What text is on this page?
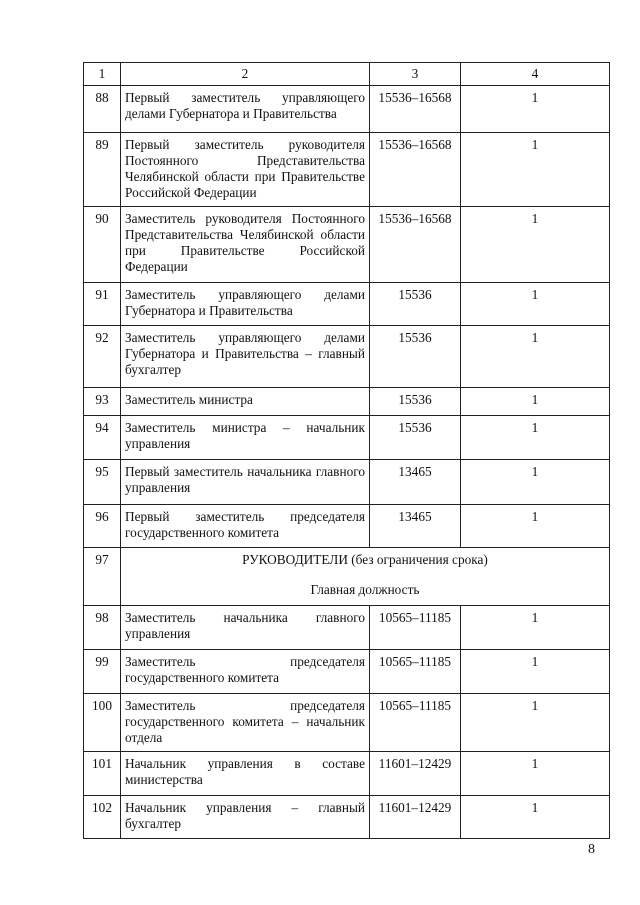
1	2	3	4
88	Первый заместитель управляющего делами Губернатора и Правительства	15536–16568	1
89	Первый заместитель руководителя Постоянного Представительства Челябинской области при Правительстве Российской Федерации	15536–16568	1
90	Заместитель руководителя Постоянного Представительства Челябинской области при Правительстве Российской Федерации	15536–16568	1
91	Заместитель управляющего делами Губернатора и Правительства	15536	1
92	Заместитель управляющего делами Губернатора и Правительства – главный бухгалтер	15536	1
93	Заместитель министра	15536	1
94	Заместитель министра – начальник управления	15536	1
95	Первый заместитель начальника главного управления	13465	1
96	Первый заместитель председателя государственного комитета	13465	1
97	РУКОВОДИТЕЛИ (без ограничения срока)
Главная должность		

98	Заместитель начальника главного управления	10565–11185	1
99	Заместитель председателя государственного комитета	10565–11185	1
100	Заместитель председателя государственного комитета – начальник отдела	10565–11185	1
101	Начальник управления в составе министерства	11601–12429	1
102	Начальник управления – главный бухгалтер	11601–12429	1
8
